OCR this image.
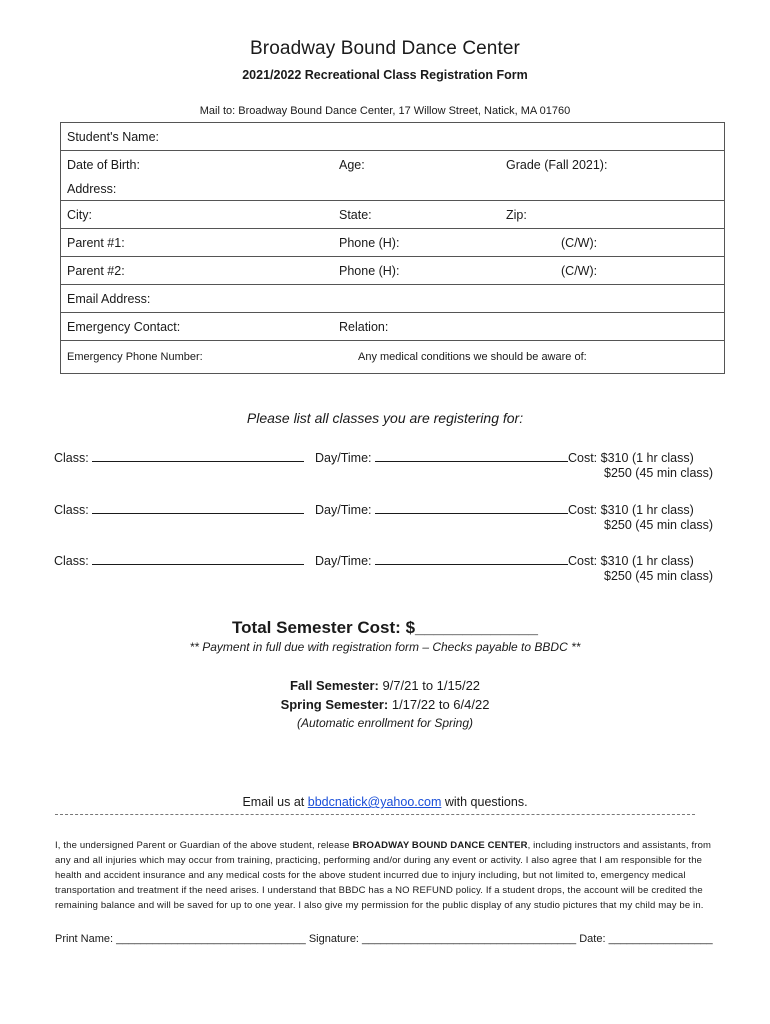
Broadway Bound Dance Center
2021/2022 Recreational Class Registration Form
Mail to: Broadway Bound Dance Center, 17 Willow Street, Natick, MA 01760
Student's Name:

Date of Birth:	Age:	Grade (Fall 2021):

Address:

City:	State:	Zip:

Parent #1:	Phone (H):	(C/W):

Parent #2:	Phone (H):	(C/W):

Email Address:

Emergency Contact:	Relation:

Emergency Phone Number:	Any medical conditions we should be aware of:
Please list all classes you are registering for:
Class:	Day/Time:	Cost: $310 (1 hr class)
$250 (45 min class)
Class:	Day/Time:	Cost: $310 (1 hr class)
$250 (45 min class)
Class:	Day/Time:	Cost: $310 (1 hr class)
$250 (45 min class)
Total Semester Cost: $_____________
** Payment in full due with registration form – Checks payable to BBDC **
Fall Semester: 9/7/21 to 1/15/22
Spring Semester: 1/17/22 to 6/4/22
(Automatic enrollment for Spring)
Email us at bbdcnatick@yahoo.com with questions.
I, the undersigned Parent or Guardian of the above student, release BROADWAY BOUND DANCE CENTER, including instructors and assistants, from any and all injuries which may occur from training, practicing, performing and/or during any event or activity. I also agree that I am responsible for the health and accident insurance and any medical costs for the above student incurred due to injury including, but not limited to, emergency medical transportation and treatment if the need arises. I understand that BBDC has a NO REFUND policy. If a student drops, the account will be credited the remaining balance and will be saved for up to one year. I also give my permission for the public display of any studio pictures that my child may be in.
Print Name: _______________________________ Signature: ___________________________________ Date: _________________
